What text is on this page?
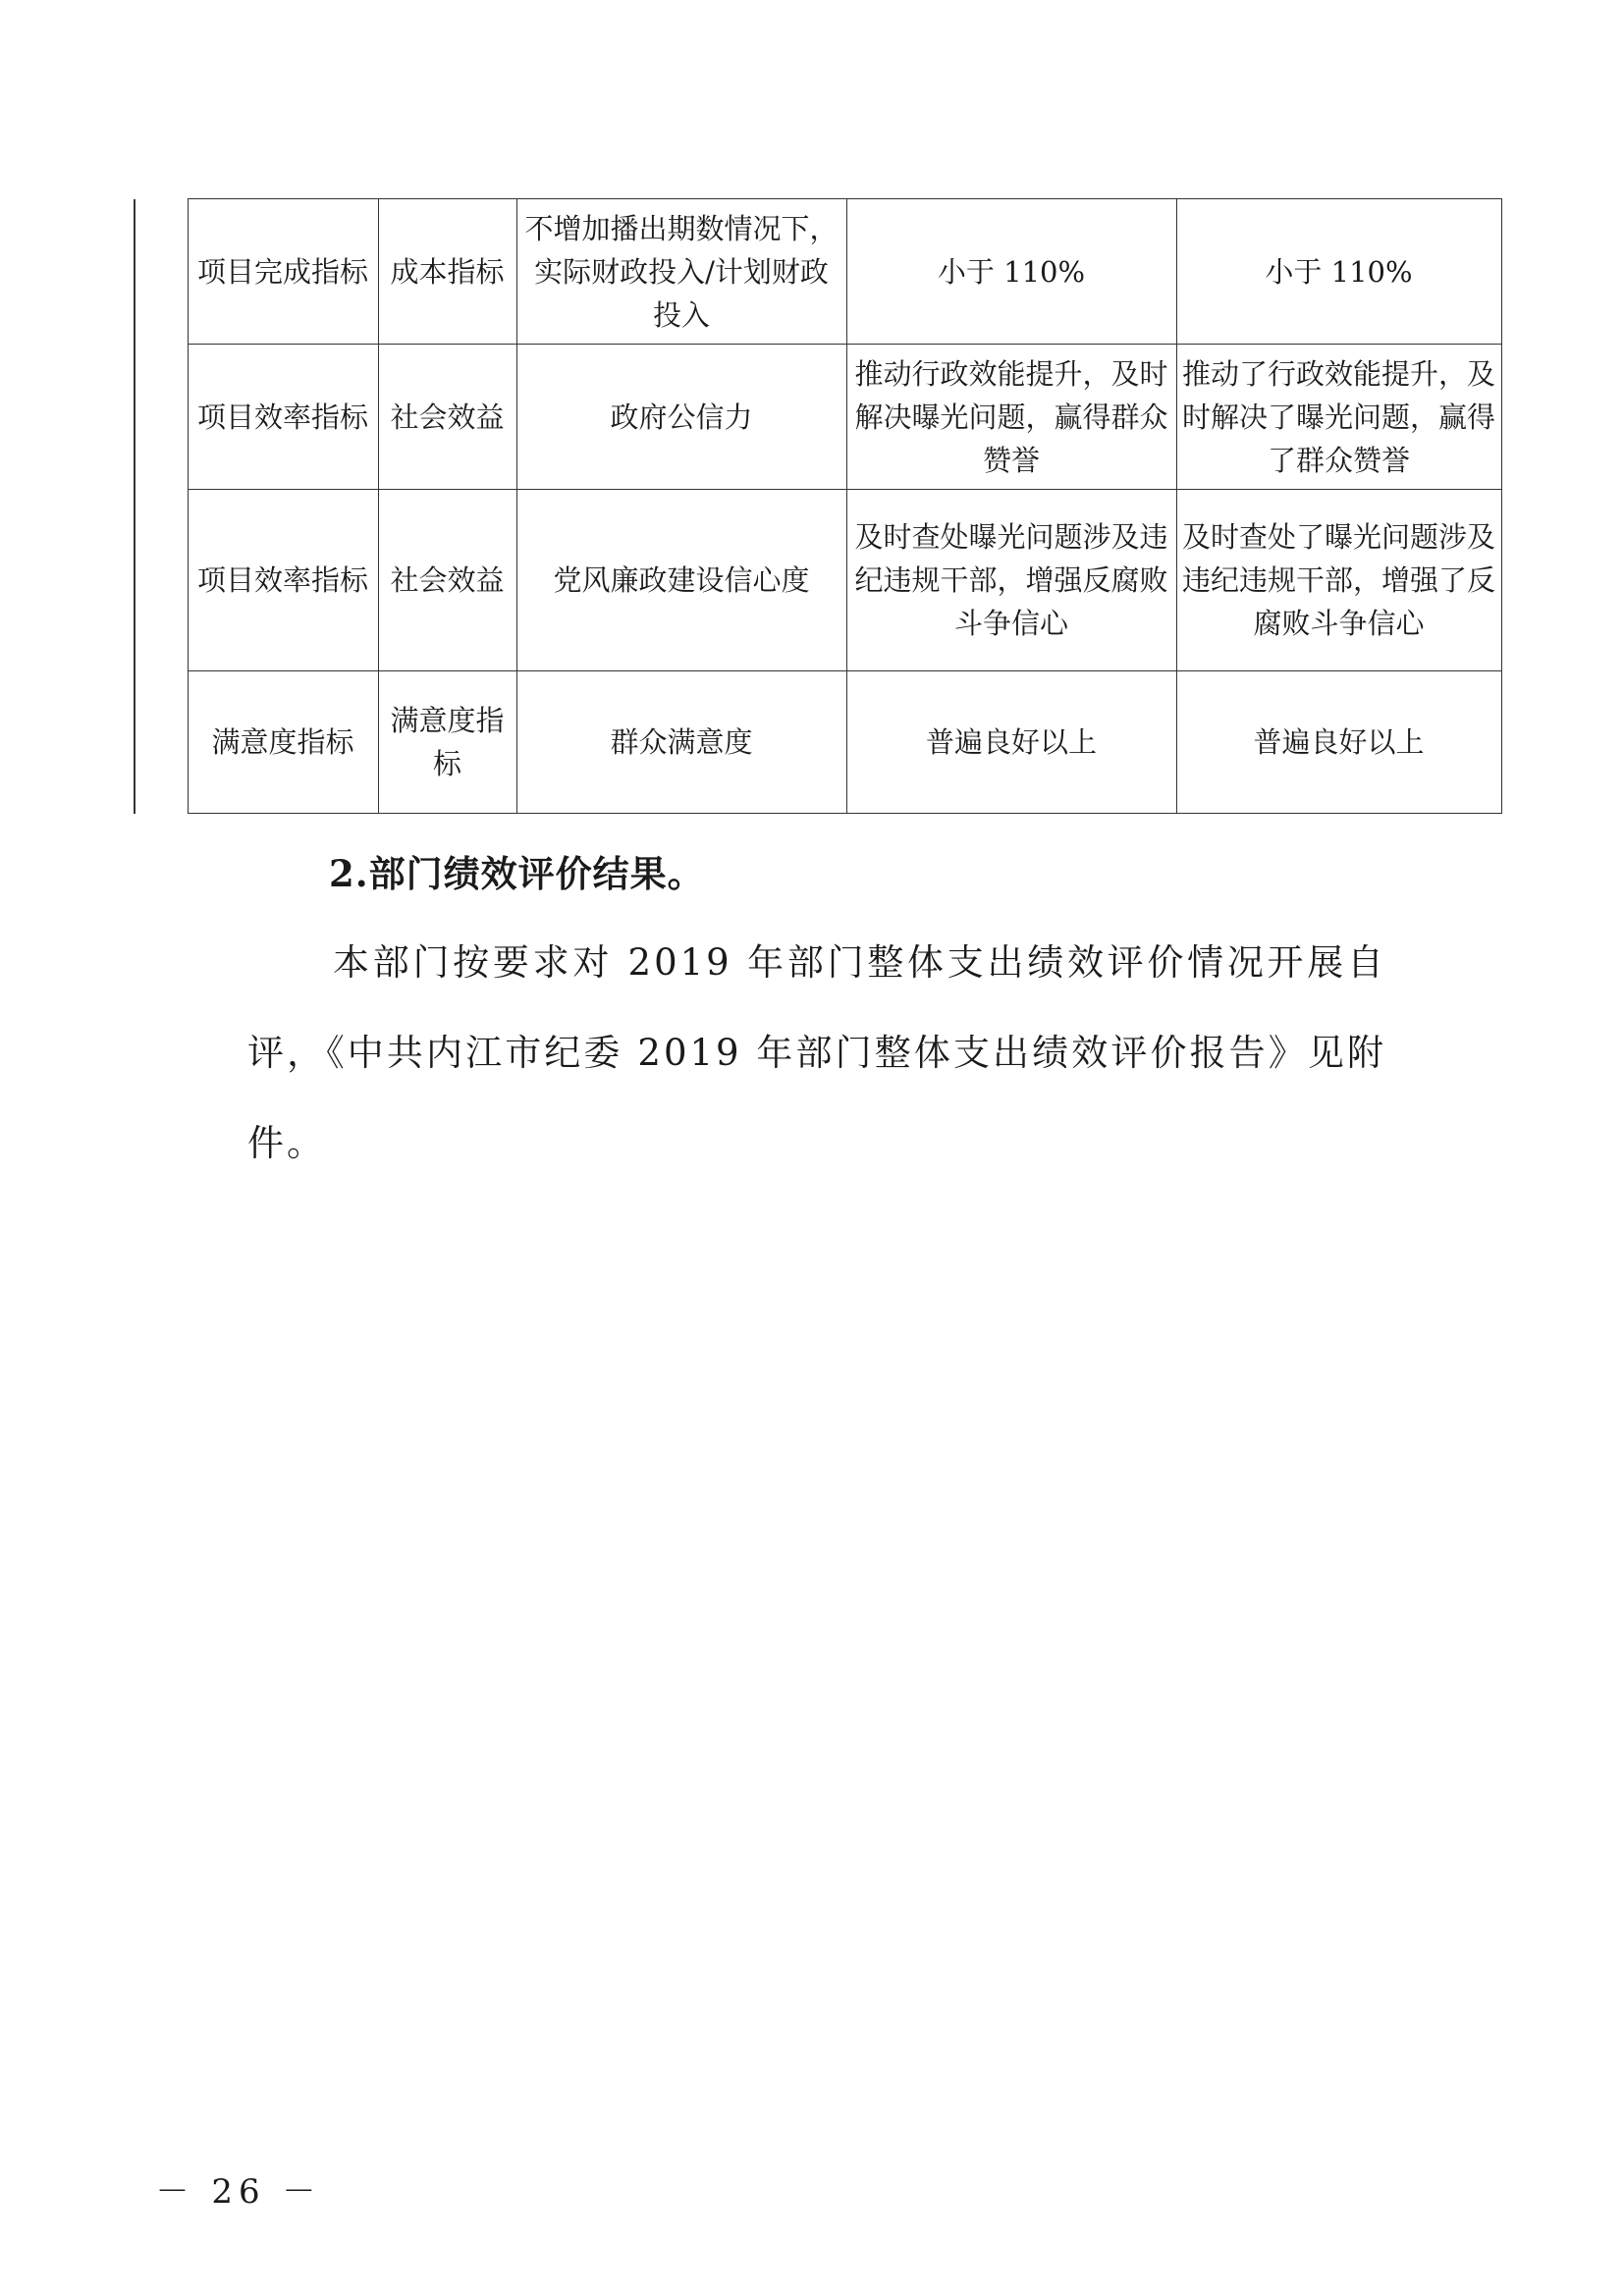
	项目完成指标	成本指标	不增加播出期数情况下，实际财政投入/计划财政投入	小于 110%	小于 110%
	项目效率指标	社会效益	政府公信力	推动行政效能提升，及时解决曝光问题，赢得群众赞誉	推动了行政效能提升，及时解决了曝光问题，赢得了群众赞誉
	项目效率指标	社会效益	党风廉政建设信心度	及时查处曝光问题涉及违纪违规干部，增强反腐败斗争信心	及时查处了曝光问题涉及违纪违规干部，增强了反腐败斗争信心
	满意度指标	满意度指标	群众满意度	普遍良好以上	普遍良好以上
2.部门绩效评价结果。

本部门按要求对 2019 年部门整体支出绩效评价情况开展自评，《中共内江市纪委 2019 年部门整体支出绩效评价报告》见附件。

－ 26 －
